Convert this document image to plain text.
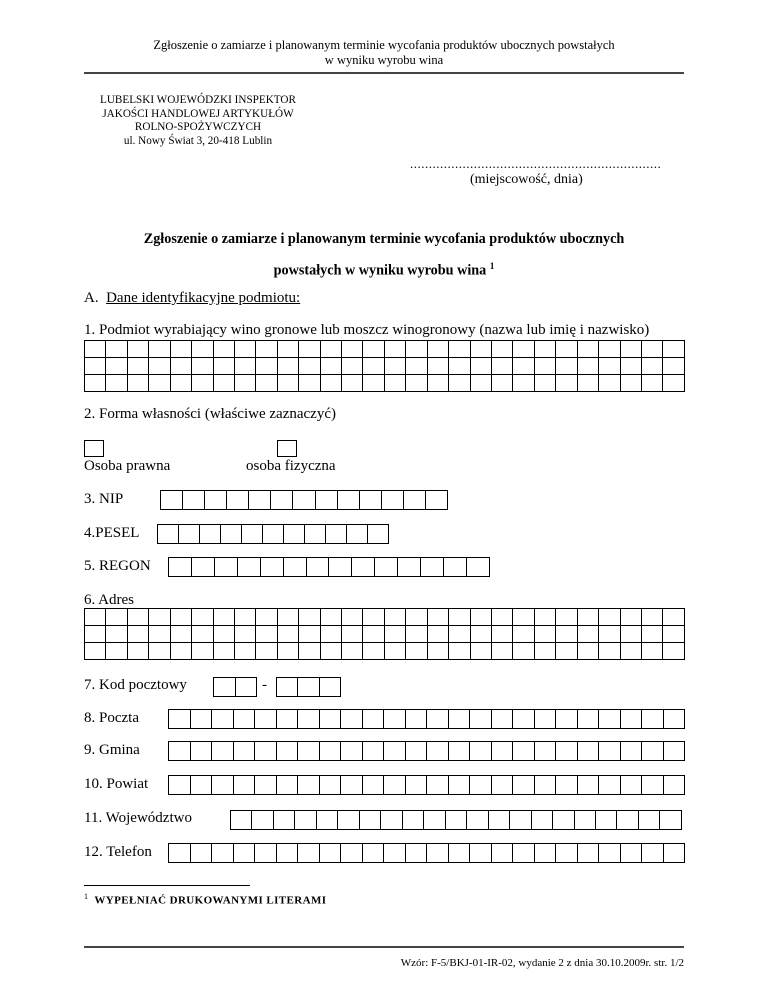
Zgłoszenie o zamiarze i planowanym terminie wycofania produktów ubocznych powstałych
w wyniku wyrobu wina
LUBELSKI WOJEWÓDZKI INSPEKTOR
JAKOŚCI HANDLOWEJ ARTYKUŁÓW
ROLNO-SPOŻYWCZYCH
ul. Nowy Świat 3, 20-418 Lublin
...................................................................
(miejscowość, dnia)
Zgłoszenie o zamiarze i planowanym terminie wycofania produktów ubocznych
powstałych w wyniku wyrobu wina $^1$
A. Dane identyfikacyjne podmiotu:
1. Podmiot wyrabiający wino gronowe lub moszcz winogronowy (nazwa lub imię i nazwisko)
2. Forma własności (właściwe zaznaczyć)
Osoba prawna	osoba fizyczna
3. NIP
4.PESEL
5. REGON
6. Adres
7. Kod pocztowy	-
8. Poczta
9. Gmina
10. Powiat
11. Województwo
12. Telefon
$^1$ WYPEŁNIAĆ DRUKOWANYMI LITERAMI
Wzór: F-5/BKJ-01-IR-02, wydanie 2 z dnia 30.10.2009r. str. 1/2
